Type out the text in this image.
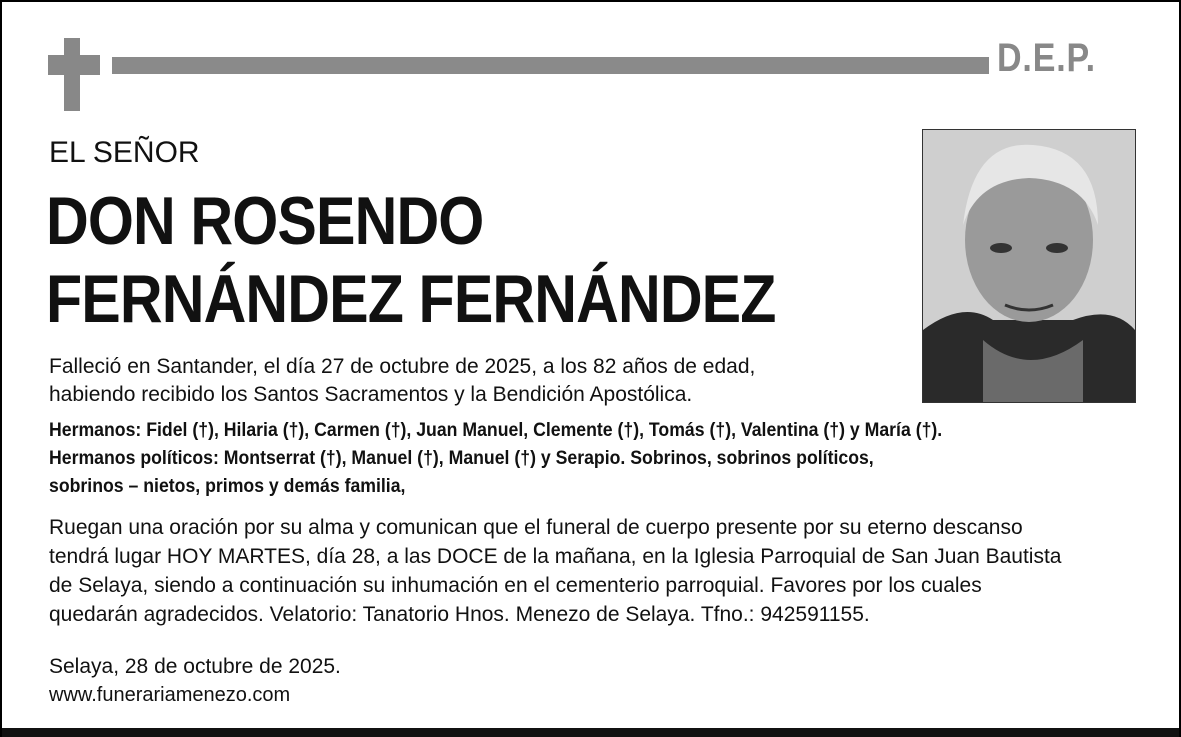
D.E.P.
EL SEÑOR
DON ROSENDO
FERNÁNDEZ FERNÁNDEZ
Falleció en Santander, el día 27 de octubre de 2025, a los 82 años de edad,
habiendo recibido los Santos Sacramentos y la Bendición Apostólica.
Hermanos: Fidel (†), Hilaria (†), Carmen (†), Juan Manuel, Clemente (†), Tomás (†), Valentina (†) y María (†).
Hermanos políticos: Montserrat (†), Manuel (†), Manuel (†) y Serapio. Sobrinos, sobrinos políticos,
sobrinos – nietos, primos y demás familia,
Ruegan una oración por su alma y comunican que el funeral de cuerpo presente por su eterno descanso
tendrá lugar HOY MARTES, día 28, a las DOCE de la mañana, en la Iglesia Parroquial de San Juan Bautista
de Selaya, siendo a continuación su inhumación en el cementerio parroquial. Favores por los cuales
quedarán agradecidos. Velatorio: Tanatorio Hnos. Menezo de Selaya. Tfno.: 942591155.
Selaya, 28 de octubre de 2025.
www.funerariamenezo.com
